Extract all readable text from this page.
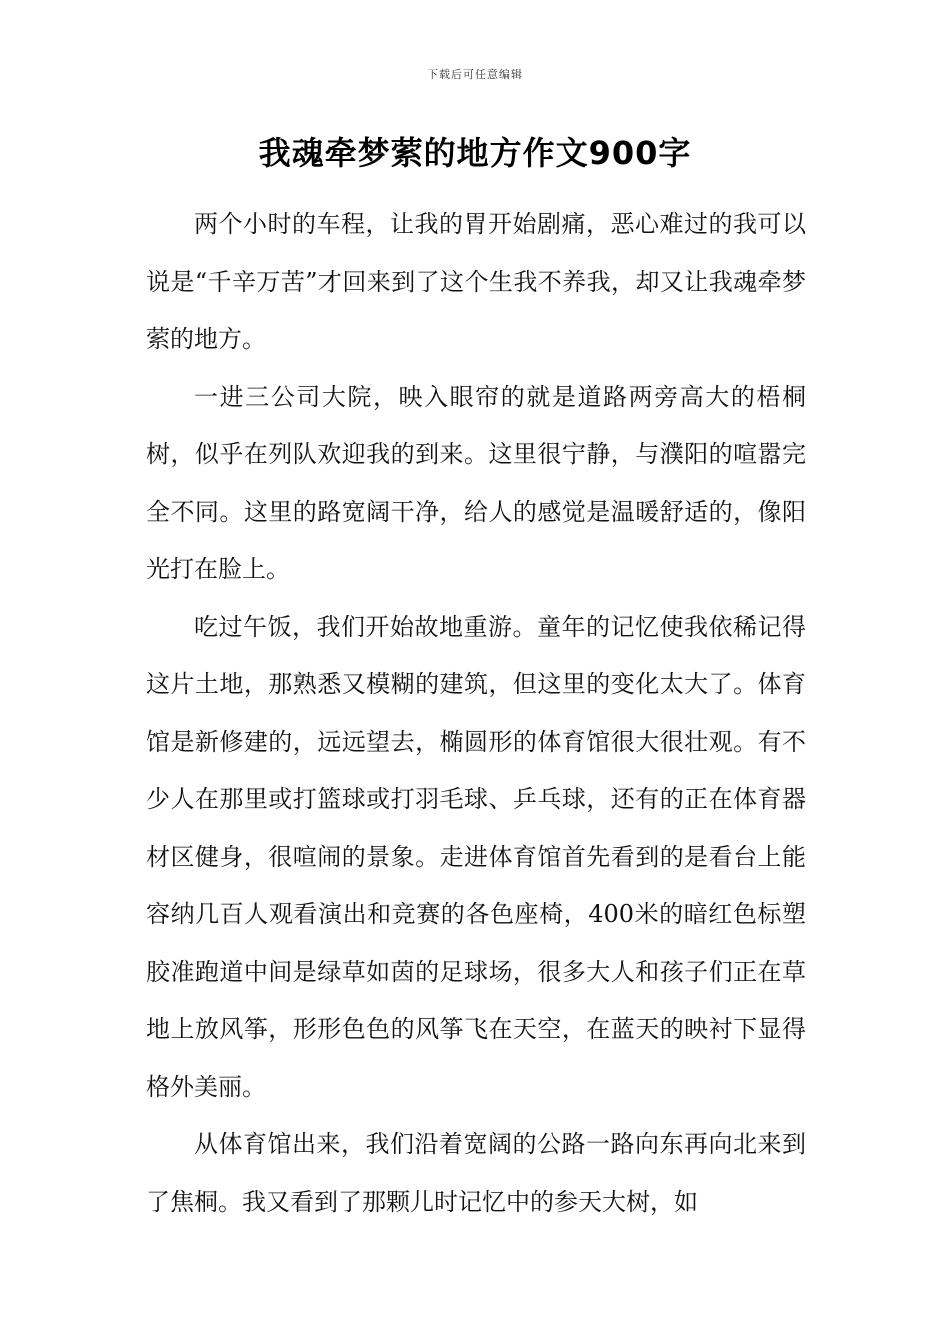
下载后可任意编辑
我魂牵梦萦的地方作文900字

两个小时的车程，让我的胃开始剧痛，恶心难过的我可以说是“千辛万苦”才回来到了这个生我不养我，却又让我魂牵梦萦的地方。

一进三公司大院，映入眼帘的就是道路两旁高大的梧桐树，似乎在列队欢迎我的到来。这里很宁静，与濮阳的喧嚣完全不同。这里的路宽阔干净，给人的感觉是温暖舒适的，像阳光打在脸上。

吃过午饭，我们开始故地重游。童年的记忆使我依稀记得这片土地，那熟悉又模糊的建筑，但这里的变化太大了。体育馆是新修建的，远远望去，椭圆形的体育馆很大很壮观。有不少人在那里或打篮球或打羽毛球、乒乓球，还有的正在体育器材区健身，很喧闹的景象。走进体育馆首先看到的是看台上能容纳几百人观看演出和竞赛的各色座椅，400米的暗红色标塑胶准跑道中间是绿草如茵的足球场，很多大人和孩子们正在草地上放风筝，形形色色的风筝飞在天空，在蓝天的映衬下显得格外美丽。

从体育馆出来，我们沿着宽阔的公路一路向东再向北来到了焦桐。我又看到了那颗儿时记忆中的参天大树，如
